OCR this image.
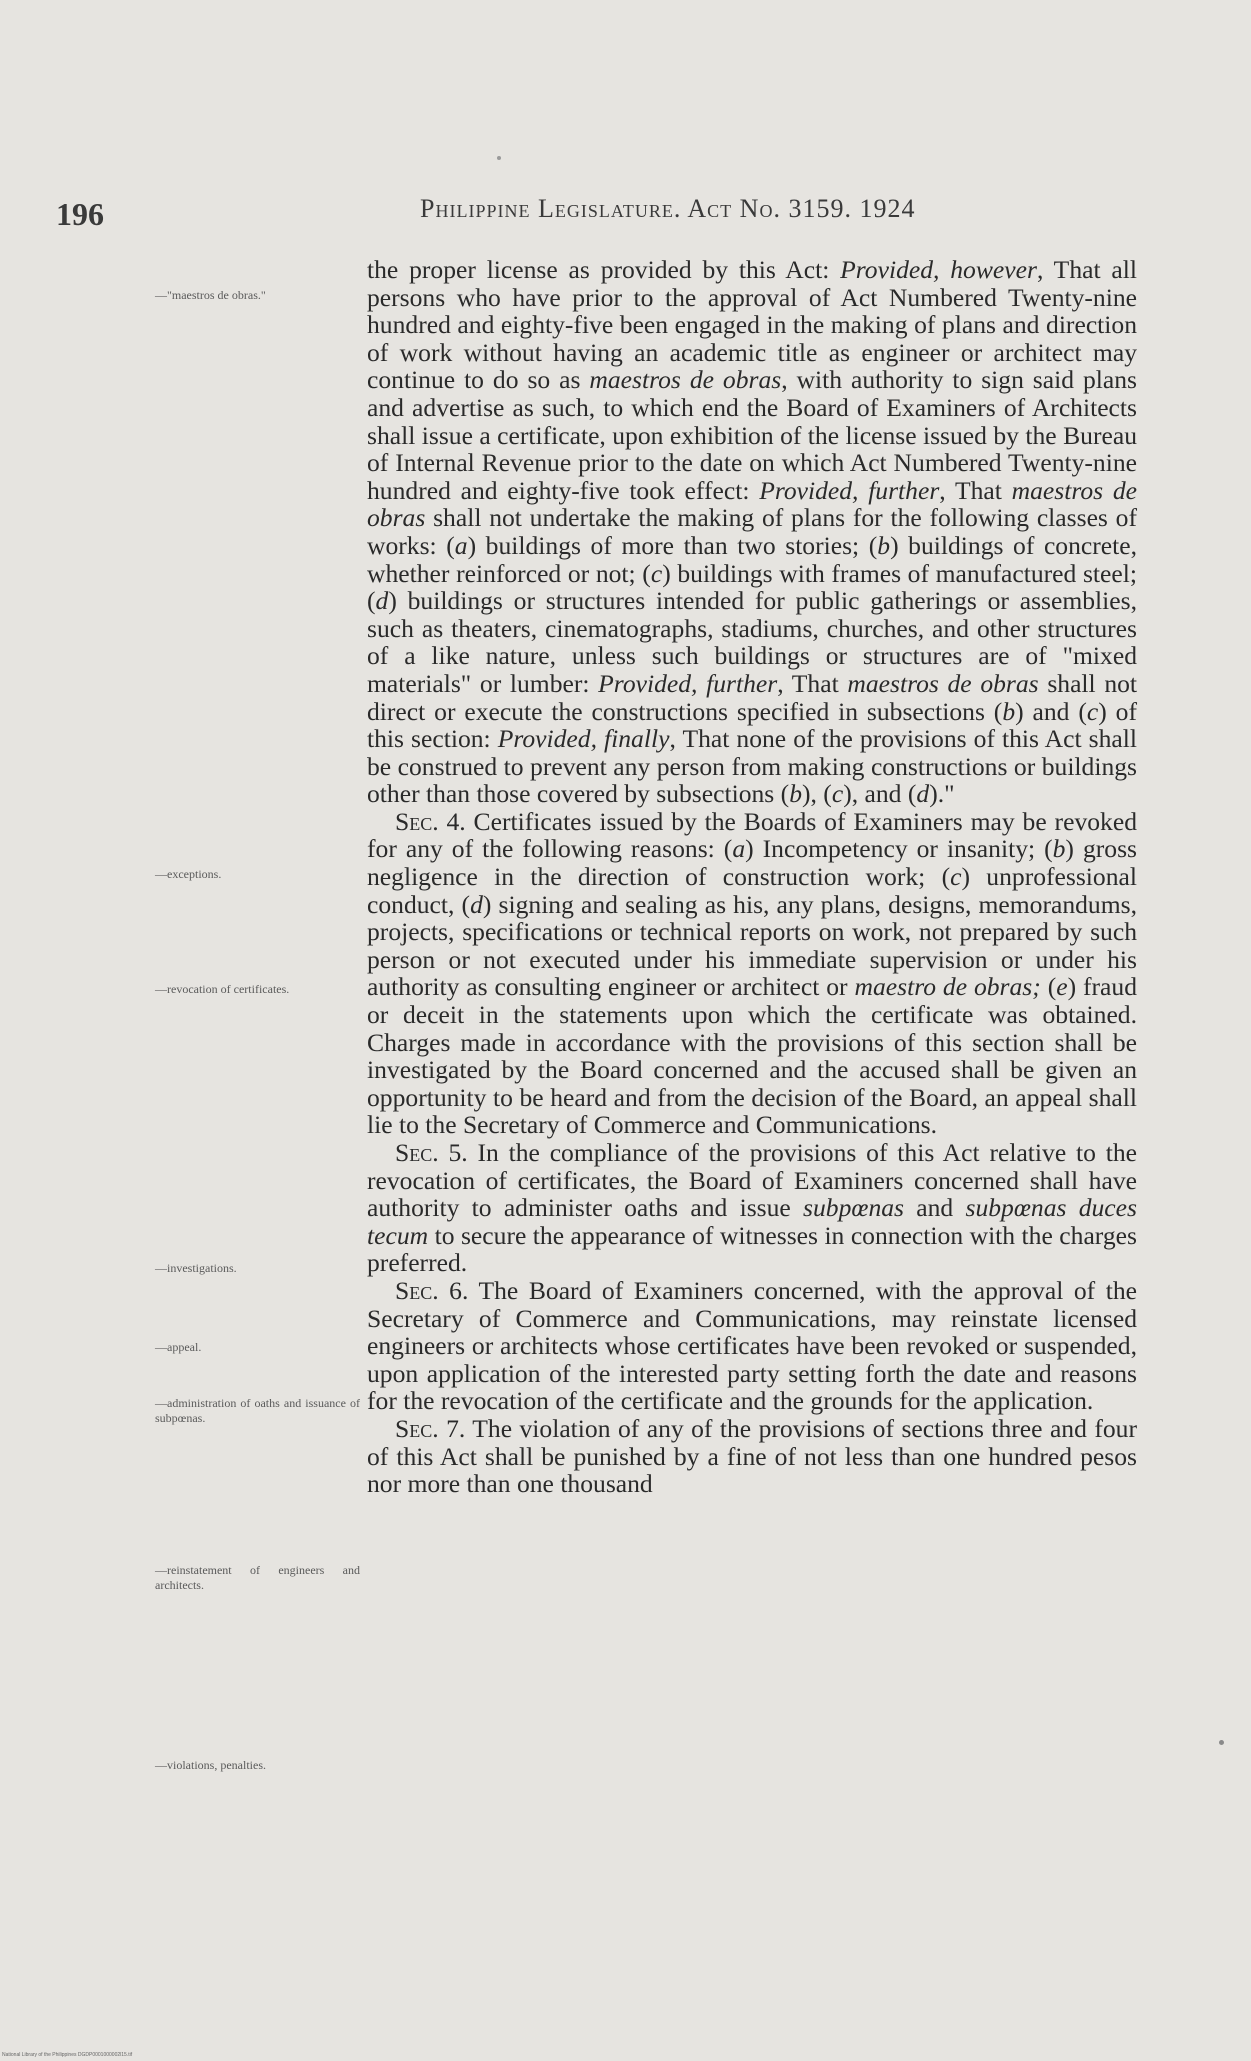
196	Philippine Legislature. Act No. 3159. 1924
—"maestros de obras."
—exceptions.
—revocation of certificates.
—investigations.
—appeal.
—administration of oaths and issuance of subpœnas.
—reinstatement of engineers and architects.
—violations, penalties.

the proper license as provided by this Act: Provided, however, That all persons who have prior to the approval of Act Numbered Twenty-nine hundred and eighty-five been engaged in the making of plans and direction of work without having an academic title as engineer or architect may continue to do so as maestros de obras, with authority to sign said plans and advertise as such, to which end the Board of Examiners of Architects shall issue a certificate, upon exhibition of the license issued by the Bureau of Internal Revenue prior to the date on which Act Numbered Twenty-nine hundred and eighty-five took effect: Provided, further, That maestros de obras shall not undertake the making of plans for the following classes of works: (a) buildings of more than two stories; (b) buildings of concrete, whether reinforced or not; (c) buildings with frames of manufactured steel; (d) buildings or structures intended for public gatherings or assemblies, such as theaters, cinematographs, stadiums, churches, and other structures of a like nature, unless such buildings or structures are of "mixed materials" or lumber: Provided, further, That maestros de obras shall not direct or execute the constructions specified in subsections (b) and (c) of this section: Provided, finally, That none of the provisions of this Act shall be construed to prevent any person from making constructions or buildings other than those covered by subsections (b), (c), and (d)."

Sec. 4. Certificates issued by the Boards of Examiners may be revoked for any of the following reasons: (a) Incompetency or insanity; (b) gross negligence in the direction of construction work; (c) unprofessional conduct, (d) signing and sealing as his, any plans, designs, memorandums, projects, specifications or technical reports on work, not prepared by such person or not executed under his immediate supervision or under his authority as consulting engineer or architect or maestro de obras; (e) fraud or deceit in the statements upon which the certificate was obtained. Charges made in accordance with the provisions of this section shall be investigated by the Board concerned and the accused shall be given an opportunity to be heard and from the decision of the Board, an appeal shall lie to the Secretary of Commerce and Communications.

Sec. 5. In the compliance of the provisions of this Act relative to the revocation of certificates, the Board of Examiners concerned shall have authority to administer oaths and issue subpœnas and subpœnas duces tecum to secure the appearance of witnesses in connection with the charges preferred.

Sec. 6. The Board of Examiners concerned, with the approval of the Secretary of Commerce and Communications, may reinstate licensed engineers or architects whose certificates have been revoked or suspended, upon application of the interested party setting forth the date and reasons for the revocation of the certificate and the grounds for the application.

Sec. 7. The violation of any of the provisions of sections three and four of this Act shall be punished by a fine of not less than one hundred pesos nor more than one thousand

National Library of the Philippines DGDP0001000002l15.tif
